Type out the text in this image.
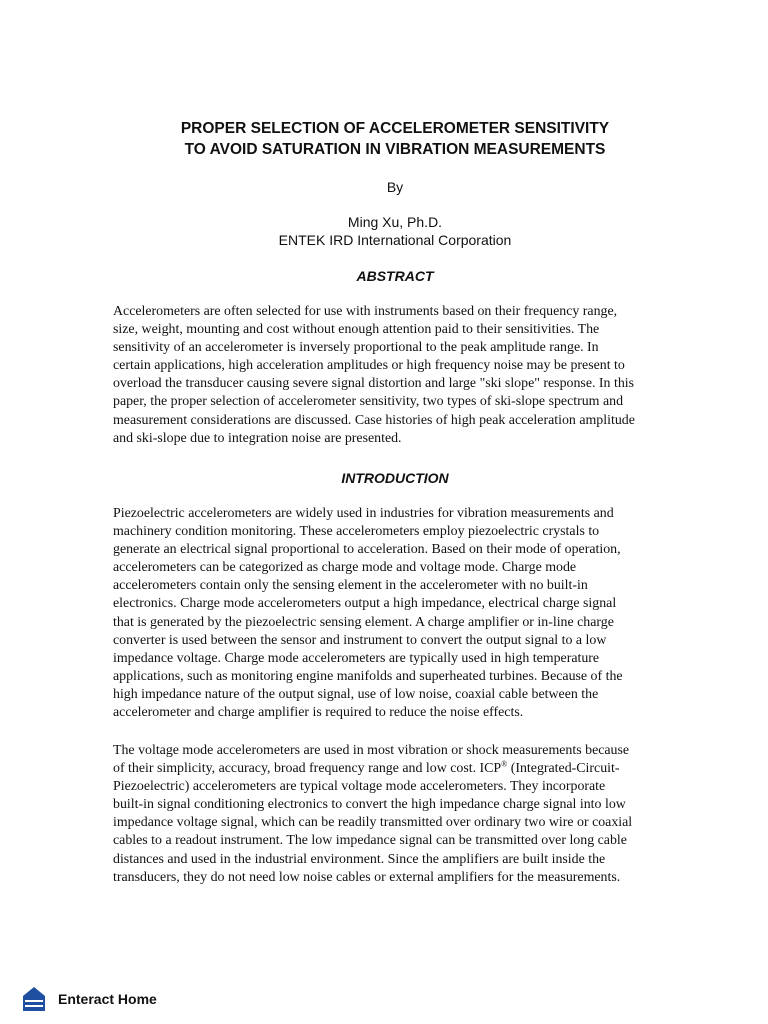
PROPER SELECTION OF ACCELEROMETER SENSITIVITY
TO AVOID SATURATION IN VIBRATION MEASUREMENTS
By
Ming Xu, Ph.D.
ENTEK IRD International Corporation
ABSTRACT

Accelerometers are often selected for use with instruments based on their frequency range,
size, weight, mounting and cost without enough attention paid to their sensitivities. The
sensitivity of an accelerometer is inversely proportional to the peak amplitude range. In
certain applications, high acceleration amplitudes or high frequency noise may be present to
overload the transducer causing severe signal distortion and large "ski slope" response. In this
paper, the proper selection of accelerometer sensitivity, two types of ski-slope spectrum and
measurement considerations are discussed. Case histories of high peak acceleration amplitude
and ski-slope due to integration noise are presented.

INTRODUCTION

Piezoelectric accelerometers are widely used in industries for vibration measurements and
machinery condition monitoring. These accelerometers employ piezoelectric crystals to
generate an electrical signal proportional to acceleration. Based on their mode of operation,
accelerometers can be categorized as charge mode and voltage mode. Charge mode
accelerometers contain only the sensing element in the accelerometer with no built-in
electronics. Charge mode accelerometers output a high impedance, electrical charge signal
that is generated by the piezoelectric sensing element. A charge amplifier or in-line charge
converter is used between the sensor and instrument to convert the output signal to a low
impedance voltage. Charge mode accelerometers are typically used in high temperature
applications, such as monitoring engine manifolds and superheated turbines. Because of the
high impedance nature of the output signal, use of low noise, coaxial cable between the
accelerometer and charge amplifier is required to reduce the noise effects.

The voltage mode accelerometers are used in most vibration or shock measurements because
of their simplicity, accuracy, broad frequency range and low cost. ICP® (Integrated-Circuit-
Piezoelectric) accelerometers are typical voltage mode accelerometers. They incorporate
built-in signal conditioning electronics to convert the high impedance charge signal into low
impedance voltage signal, which can be readily transmitted over ordinary two wire or coaxial
cables to a readout instrument. The low impedance signal can be transmitted over long cable
distances and used in the industrial environment. Since the amplifiers are built inside the
transducers, they do not need low noise cables or external amplifiers for the measurements.

Enteract Home
